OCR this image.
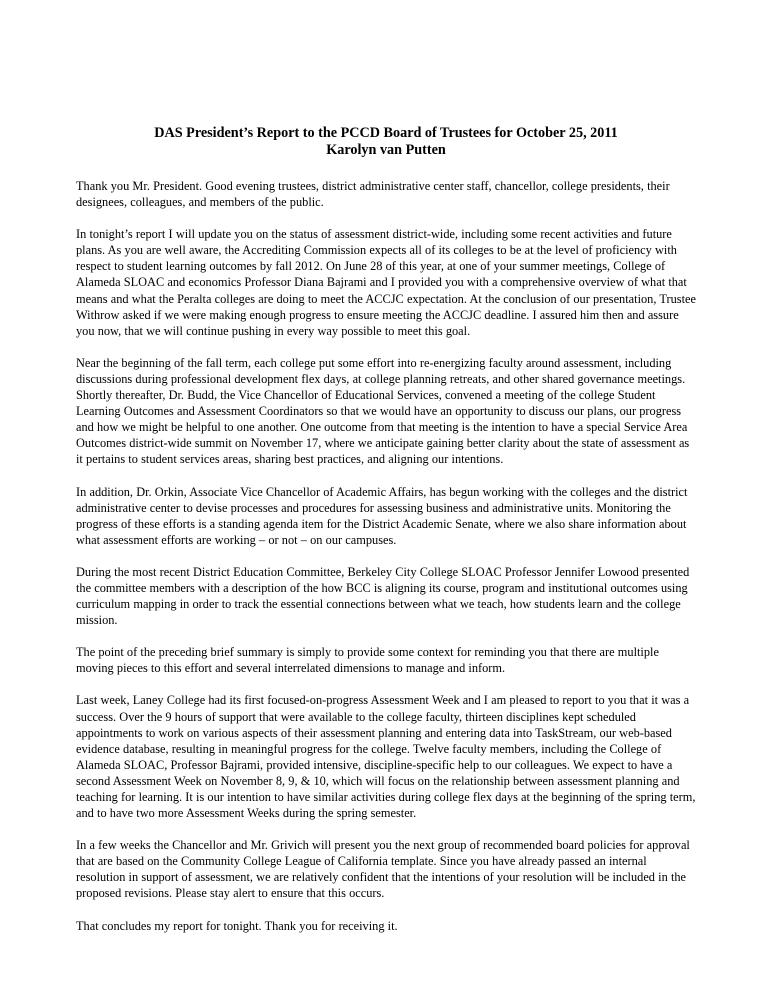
DAS President’s Report to the PCCD Board of Trustees for October 25, 2011
Karolyn van Putten

Thank you Mr. President. Good evening trustees, district administrative center staff, chancellor, college presidents, their designees, colleagues, and members of the public.

In tonight’s report I will update you on the status of assessment district-wide, including some recent activities and future plans. As you are well aware, the Accrediting Commission expects all of its colleges to be at the level of proficiency with respect to student learning outcomes by fall 2012. On June 28 of this year, at one of your summer meetings, College of Alameda SLOAC and economics Professor Diana Bajrami and I provided you with a comprehensive overview of what that means and what the Peralta colleges are doing to meet the ACCJC expectation. At the conclusion of our presentation, Trustee Withrow asked if we were making enough progress to ensure meeting the ACCJC deadline. I assured him then and assure you now, that we will continue pushing in every way possible to meet this goal.

Near the beginning of the fall term, each college put some effort into re-energizing faculty around assessment, including discussions during professional development flex days, at college planning retreats, and other shared governance meetings. Shortly thereafter, Dr. Budd, the Vice Chancellor of Educational Services, convened a meeting of the college Student Learning Outcomes and Assessment Coordinators so that we would have an opportunity to discuss our plans, our progress and how we might be helpful to one another. One outcome from that meeting is the intention to have a special Service Area Outcomes district-wide summit on November 17, where we anticipate gaining better clarity about the state of assessment as it pertains to student services areas, sharing best practices, and aligning our intentions.

In addition, Dr. Orkin, Associate Vice Chancellor of Academic Affairs, has begun working with the colleges and the district administrative center to devise processes and procedures for assessing business and administrative units. Monitoring the progress of these efforts is a standing agenda item for the District Academic Senate, where we also share information about what assessment efforts are working – or not – on our campuses.

During the most recent District Education Committee, Berkeley City College SLOAC Professor Jennifer Lowood presented the committee members with a description of the how BCC is aligning its course, program and institutional outcomes using curriculum mapping in order to track the essential connections between what we teach, how students learn and the college mission.

The point of the preceding brief summary is simply to provide some context for reminding you that there are multiple moving pieces to this effort and several interrelated dimensions to manage and inform.

Last week, Laney College had its first focused-on-progress Assessment Week and I am pleased to report to you that it was a success. Over the 9 hours of support that were available to the college faculty, thirteen disciplines kept scheduled appointments to work on various aspects of their assessment planning and entering data into TaskStream, our web-based evidence database, resulting in meaningful progress for the college. Twelve faculty members, including the College of Alameda SLOAC, Professor Bajrami, provided intensive, discipline-specific help to our colleagues. We expect to have a second Assessment Week on November 8, 9, & 10, which will focus on the relationship between assessment planning and teaching for learning. It is our intention to have similar activities during college flex days at the beginning of the spring term, and to have two more Assessment Weeks during the spring semester.

In a few weeks the Chancellor and Mr. Grivich will present you the next group of recommended board policies for approval that are based on the Community College League of California template. Since you have already passed an internal resolution in support of assessment, we are relatively confident that the intentions of your resolution will be included in the proposed revisions. Please stay alert to ensure that this occurs.

That concludes my report for tonight. Thank you for receiving it.
